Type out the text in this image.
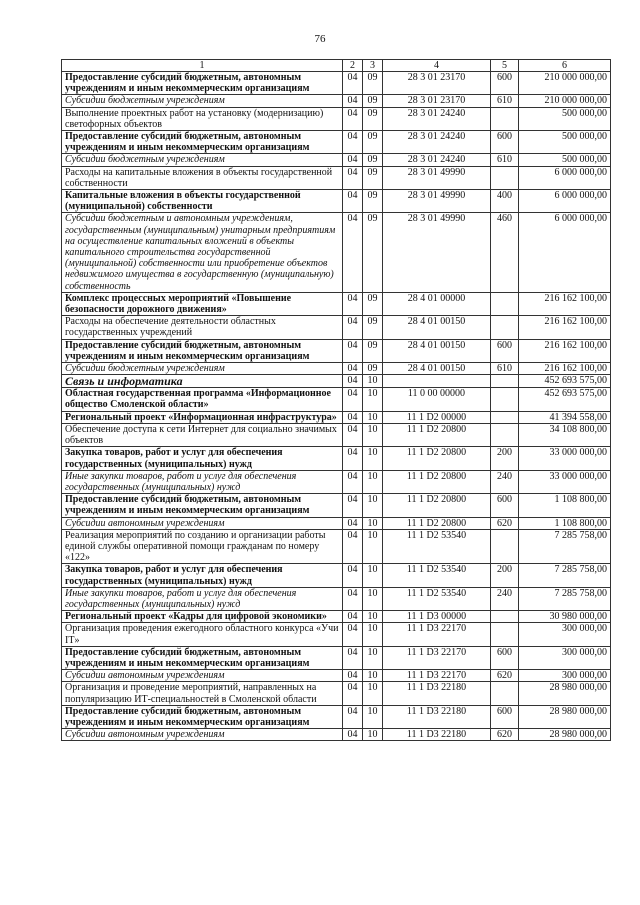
76
1	2	3	4	5	6
Предоставление субсидий бюджетным, автономным учреждениям и иным некоммерческим организациям	04	09	28 3 01 23170	600	210 000 000,00
Субсидии бюджетным учреждениям	04	09	28 3 01 23170	610	210 000 000,00
Выполнение проектных работ на установку (модернизацию) светофорных объектов	04	09	28 3 01 24240		500 000,00
Предоставление субсидий бюджетным, автономным учреждениям и иным некоммерческим организациям	04	09	28 3 01 24240	600	500 000,00
Субсидии бюджетным учреждениям	04	09	28 3 01 24240	610	500 000,00
Расходы на капитальные вложения в объекты государственной собственности	04	09	28 3 01 49990		6 000 000,00
Капитальные вложения в объекты государственной (муниципальной) собственности	04	09	28 3 01 49990	400	6 000 000,00
Субсидии бюджетным и автономным учреждениям, государственным (муниципальным) унитарным предприятиям на осуществление капитальных вложений в объекты капитального строительства государственной (муниципальной) собственности или приобретение объектов недвижимого имущества в государственную (муниципальную) собственность	04	09	28 3 01 49990	460	6 000 000,00
Комплекс процессных мероприятий «Повышение безопасности дорожного движения»	04	09	28 4 01 00000		216 162 100,00
Расходы на обеспечение деятельности областных государственных учреждений	04	09	28 4 01 00150		216 162 100,00
Предоставление субсидий бюджетным, автономным учреждениям и иным некоммерческим организациям	04	09	28 4 01 00150	600	216 162 100,00
Субсидии бюджетным учреждениям	04	09	28 4 01 00150	610	216 162 100,00
Связь и информатика	04	10			452 693 575,00
Областная государственная программа «Информационное общество Смоленской области»	04	10	11 0 00 00000		452 693 575,00
Региональный проект «Информационная инфраструктура»	04	10	11 1 D2 00000		41 394 558,00
Обеспечение доступа к сети Интернет для социально значимых объектов	04	10	11 1 D2 20800		34 108 800,00
Закупка товаров, работ и услуг для обеспечения государственных (муниципальных) нужд	04	10	11 1 D2 20800	200	33 000 000,00
Иные закупки товаров, работ и услуг для обеспечения государственных (муниципальных) нужд	04	10	11 1 D2 20800	240	33 000 000,00
Предоставление субсидий бюджетным, автономным учреждениям и иным некоммерческим организациям	04	10	11 1 D2 20800	600	1 108 800,00
Субсидии автономным учреждениям	04	10	11 1 D2 20800	620	1 108 800,00
Реализация мероприятий по созданию и организации работы единой службы оперативной помощи гражданам по номеру «122»	04	10	11 1 D2 53540		7 285 758,00
Закупка товаров, работ и услуг для обеспечения государственных (муниципальных) нужд	04	10	11 1 D2 53540	200	7 285 758,00
Иные закупки товаров, работ и услуг для обеспечения государственных (муниципальных) нужд	04	10	11 1 D2 53540	240	7 285 758,00
Региональный проект «Кадры для цифровой экономики»	04	10	11 1 D3 00000		30 980 000,00
Организация проведения ежегодного областного конкурса «Учи IT»	04	10	11 1 D3 22170		300 000,00
Предоставление субсидий бюджетным, автономным учреждениям и иным некоммерческим организациям	04	10	11 1 D3 22170	600	300 000,00
Субсидии автономным учреждениям	04	10	11 1 D3 22170	620	300 000,00
Организация и проведение мероприятий, направленных на популяризацию ИТ-специальностей в Смоленской области	04	10	11 1 D3 22180		28 980 000,00
Предоставление субсидий бюджетным, автономным учреждениям и иным некоммерческим организациям	04	10	11 1 D3 22180	600	28 980 000,00
Субсидии автономным учреждениям	04	10	11 1 D3 22180	620	28 980 000,00
